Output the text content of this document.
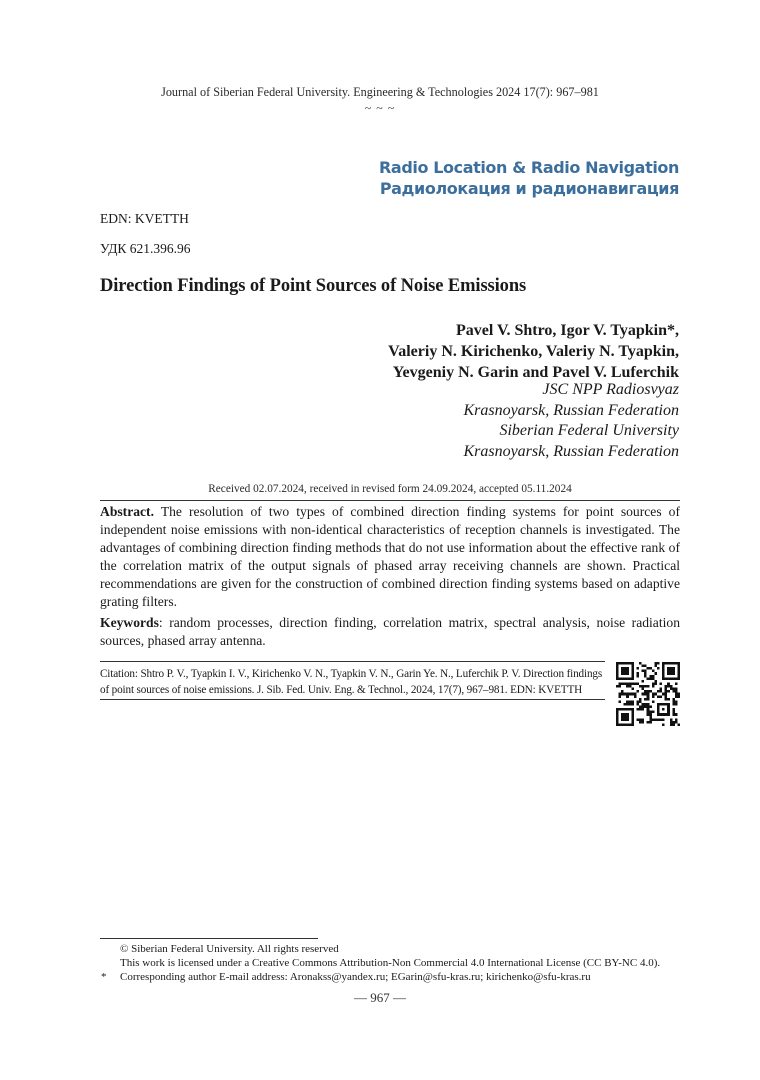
Journal of Siberian Federal University. Engineering & Technologies 2024 17(7): 967–981
~ ~ ~
Radio Location & Radio Navigation
Радиолокация и радионавигация
EDN: KVETTH
УДК 621.396.96
Direction Findings of Point Sources of Noise Emissions
Pavel V. Shtro, Igor V. Tyapkin*,
Valeriy N. Kirichenko, Valeriy N. Tyapkin,
Yevgeniy N. Garin and Pavel V. Luferchik
JSC NPP Radiosvyaz
Krasnoyarsk, Russian Federation
Siberian Federal University
Krasnoyarsk, Russian Federation
Received 02.07.2024, received in revised form 24.09.2024, accepted 05.11.2024
Abstract. The resolution of two types of combined direction finding systems for point sources of independent noise emissions with non-identical characteristics of reception channels is investigated. The advantages of combining direction finding methods that do not use information about the effective rank of the correlation matrix of the output signals of phased array receiving channels are shown. Practical recommendations are given for the construction of combined direction finding systems based on adaptive grating filters.
Keywords: random processes, direction finding, correlation matrix, spectral analysis, noise radiation sources, phased array antenna.
Citation: Shtro P. V., Tyapkin I. V., Kirichenko V. N., Tyapkin V. N., Garin Ye. N., Luferchik P. V. Direction findings
of point sources of noise emissions. J. Sib. Fed. Univ. Eng. & Technol., 2024, 17(7), 967–981. EDN: KVETTH
© Siberian Federal University. All rights reserved
This work is licensed under a Creative Commons Attribution-Non Commercial 4.0 International License (CC BY-NC 4.0).
* Corresponding author E-mail address: Aronakss@yandex.ru; EGarin@sfu-kras.ru; kirichenko@sfu-kras.ru
— 967 —
